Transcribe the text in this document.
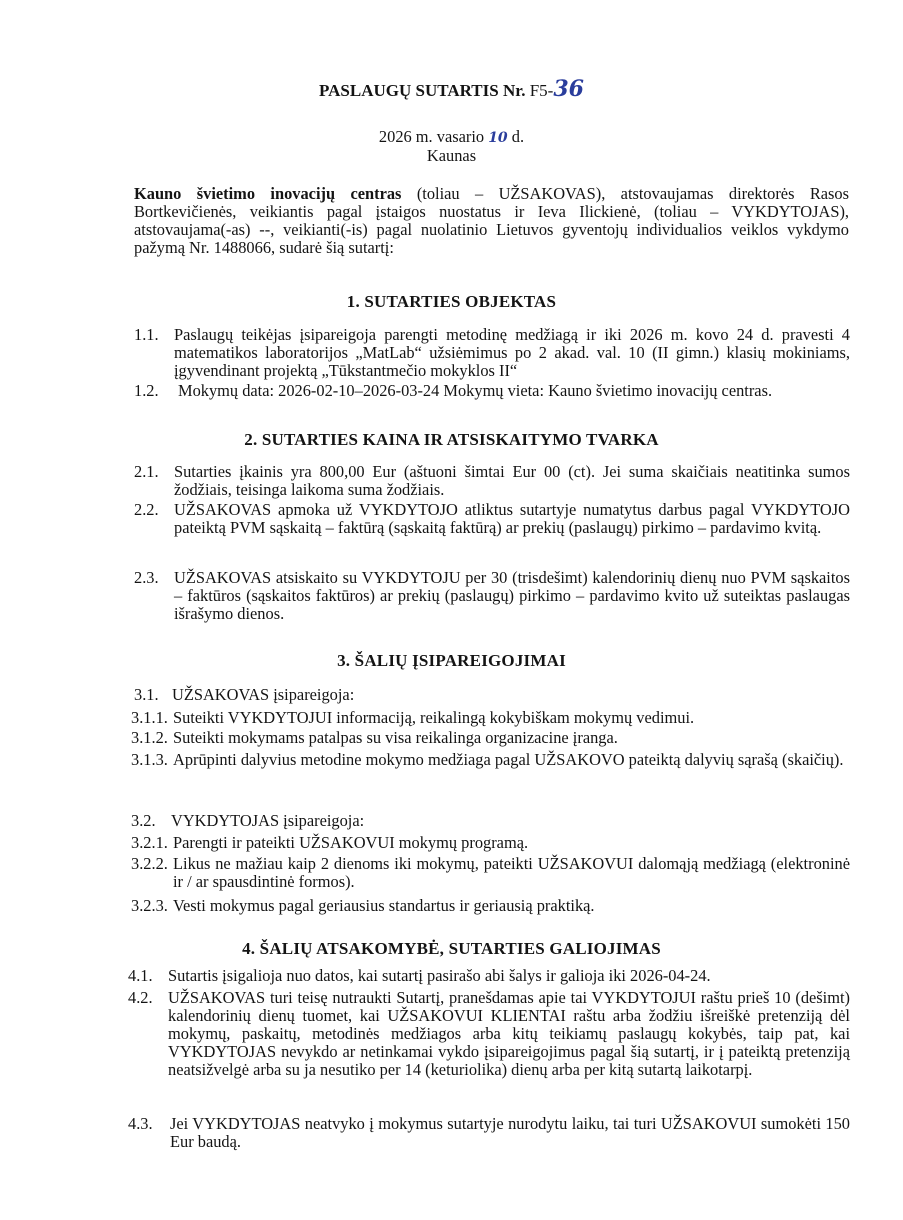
PASLAUGŲ SUTARTIS Nr. F5-36
2026 m. vasario 10 d.
Kaunas
Kauno švietimo inovacijų centras (toliau – UŽSAKOVAS), atstovaujamas direktorės Rasos Bortkevičienės, veikiantis pagal įstaigos nuostatus ir Ieva Ilickienė, (toliau – VYKDYTOJAS), atstovaujama(-as) --, veikianti(-is) pagal nuolatinio Lietuvos gyventojų individualios veiklos vykdymo pažymą Nr. 1488066, sudarė šią sutartį:
1. SUTARTIES OBJEKTAS
1.1. Paslaugų teikėjas įsipareigoja parengti metodinę medžiagą ir iki 2026 m. kovo 24 d. pravesti 4 matematikos laboratorijos „MatLab“ užsiėmimus po 2 akad. val. 10 (II gimn.) klasių mokiniams, įgyvendinant projektą „Tūkstantmečio mokyklos II“
1.2.	Mokymų data: 2026-02-10–2026-03-24 Mokymų vieta: Kauno švietimo inovacijų centras.
2. SUTARTIES KAINA IR ATSISKAITYMO TVARKA
2.1. Sutarties įkainis yra 800,00 Eur (aštuoni šimtai Eur 00 (ct). Jei suma skaičiais neatitinka sumos žodžiais, teisinga laikoma suma žodžiais.
2.2. UŽSAKOVAS apmoka už VYKDYTOJO atliktus sutartyje numatytus darbus pagal VYKDYTOJO pateiktą PVM sąskaitą – faktūrą (sąskaitą faktūrą) ar prekių (paslaugų) pirkimo – pardavimo kvitą.
2.3. UŽSAKOVAS atsiskaito su VYKDYTOJU per 30 (trisdešimt) kalendorinių dienų nuo PVM sąskaitos – faktūros (sąskaitos faktūros) ar prekių (paslaugų) pirkimo – pardavimo kvito už suteiktas paslaugas išrašymo dienos.
3. ŠALIŲ ĮSIPAREIGOJIMAI
3.1. UŽSAKOVAS įsipareigoja:
3.1.1. Suteikti VYKDYTOJUI informaciją, reikalingą kokybiškam mokymų vedimui.
3.1.2. Suteikti mokymams patalpas su visa reikalinga organizacine įranga.
3.1.3. Aprūpinti dalyvius metodine mokymo medžiaga pagal UŽSAKOVO pateiktą dalyvių sąrašą (skaičių).
3.2. VYKDYTOJAS įsipareigoja:
3.2.1. Parengti ir pateikti UŽSAKOVUI mokymų programą.
3.2.2. Likus ne mažiau kaip 2 dienoms iki mokymų, pateikti UŽSAKOVUI dalomąją medžiagą (elektroninė ir / ar spausdintinė formos).
3.2.3. Vesti mokymus pagal geriausius standartus ir geriausią praktiką.
4. ŠALIŲ ATSAKOMYBĖ, SUTARTIES GALIOJIMAS
4.1. Sutartis įsigalioja nuo datos, kai sutartį pasirašo abi šalys ir galioja iki 2026-04-24.
4.2. UŽSAKOVAS turi teisę nutraukti Sutartį, pranešdamas apie tai VYKDYTOJUI raštu prieš 10 (dešimt) kalendorinių dienų tuomet, kai UŽSAKOVUI KLIENTAI raštu arba žodžiu išreiškė pretenziją dėl mokymų, paskaitų, metodinės medžiagos arba kitų teikiamų paslaugų kokybės, taip pat, kai VYKDYTOJAS nevykdo ar netinkamai vykdo įsipareigojimus pagal šią sutartį, ir į pateiktą pretenziją neatsižvelgė arba su ja nesutiko per 14 (keturiolika) dienų arba per kitą sutartą laikotarpį.
4.3.	Jei VYKDYTOJAS neatvyko į mokymus sutartyje nurodytu laiku, tai turi UŽSAKOVUI sumokėti 150 Eur baudą.
